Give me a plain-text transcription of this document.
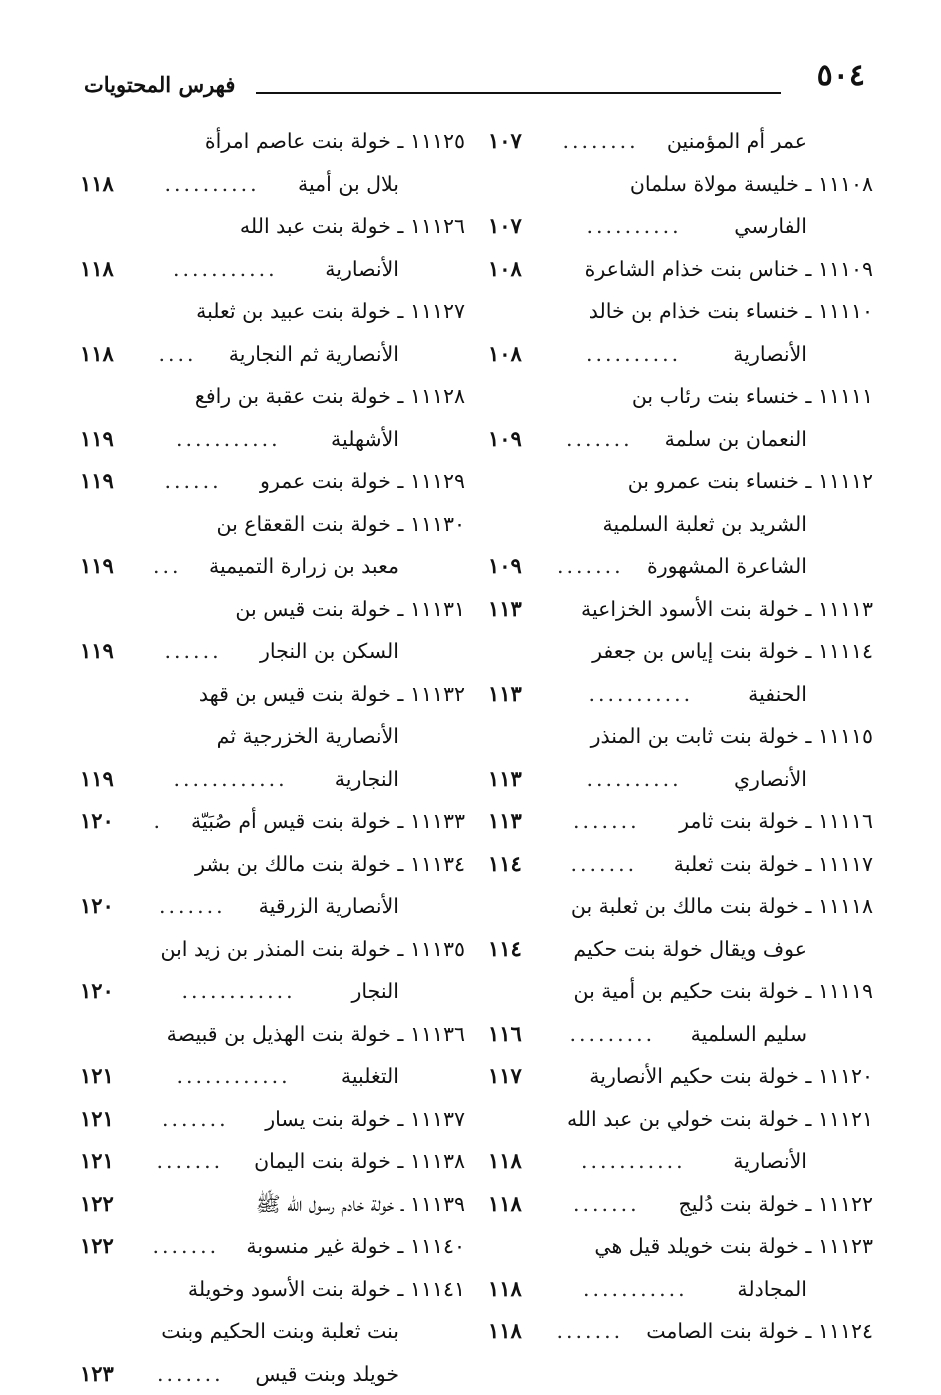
٥٠٤
فهرس المحتويات
عمر أم المؤمنين
١٠٧ ........
١١١٠٨ ـ خليسة مولاة سلمان
الفارسي
١٠٧	..........
١١١٠٩ ـ خناس بنت خذام الشاعرة
١٠٨
١١١١٠ ـ خنساء بنت خذام بن خالد
الأنصارية
١٠٨	..........
١١١١١ ـ خنساء بنت رئاب بن
النعمان بن سلمة
١٠٩ .......
١١١١٢ ـ خنساء بنت عمرو بن
الشريد بن ثعلبة السلمية
الشاعرة المشهورة
١٠٩ .......
١١١١٣ ـ خولة بنت الأسود الخزاعية
١١٣
١١١١٤ ـ خولة بنت إياس بن جعفر
الحنفية
١١٣	...........
١١١١٥ ـ خولة بنت ثابت بن المنذر
الأنصاري
١١٣	..........
١١١١٦ ـ خولة بنت ثامر
١١٣ .......
١١١١٧ ـ خولة بنت ثعلبة
١١٤ .......
١١١١٨ ـ خولة بنت مالك بن ثعلبة بن
عوف ويقال خولة بنت حكيم
١١٤
١١١١٩ ـ خولة بنت حكيم بن أمية بن
سليم السلمية
١١٦ .........
١١١٢٠ ـ خولة بنت حكيم الأنصارية
١١٧
١١١٢١ ـ خولة بنت خولي بن عبد الله
الأنصارية
١١٨	...........
١١١٢٢ ـ خولة بنت دُليج
١١٨ .......
١١١٢٣ ـ خولة بنت خويلد قيل هي
المجادلة
١١٨	...........
١١١٢٤ ـ خولة بنت الصامت
١١٨ .......
١١١٢٥ ـ خولة بنت عاصم امرأة
بلال بن أمية
١١٨ ..........
١١١٢٦ ـ خولة بنت عبد الله
الأنصارية
١١٨	...........
١١١٢٧ ـ خولة بنت عبيد بن ثعلبة
الأنصارية ثم النجارية
١١٨ ....
١١١٢٨ ـ خولة بنت عقبة بن رافع
الأشهلية
١١٩	...........
١١١٢٩ ـ خولة بنت عمرو
١١٩ ......
١١١٣٠ ـ خولة بنت القعقاع بن
معبد بن زرارة التميمية
١١٩ ...
١١١٣١ ـ خولة بنت قيس بن
السكن بن النجار
١١٩ ......
١١١٣٢ ـ خولة بنت قيس بن قهد
الأنصارية الخزرجية ثم
النجارية
١١٩	............
١١١٣٣ ـ خولة بنت قيس أم صُبَيّة
١٢٠ .
١١١٣٤ ـ خولة بنت مالك بن بشر
الأنصارية الزرقية
١٢٠ .......
١١١٣٥ ـ خولة بنت المنذر بن زيد ابن
النجار
١٢٠	............
١١١٣٦ ـ خولة بنت الهذيل بن قبيصة
التغلبية
١٢١	............
١١١٣٧ ـ خولة بنت يسار
١٢١ .......
١١١٣٨ ـ خولة بنت اليمان
١٢١ .......
١١١٣٩ ـ خولة خادم رسول الله ﷺ
١٢٢
١١١٤٠ ـ خولة غير منسوبة
١٢٢ .......
١١١٤١ ـ خولة بنت الأسود وخويلة
بنت ثعلبة وبنت الحكيم وبنت
خويلد وبنت قيس
١٢٣ .......
